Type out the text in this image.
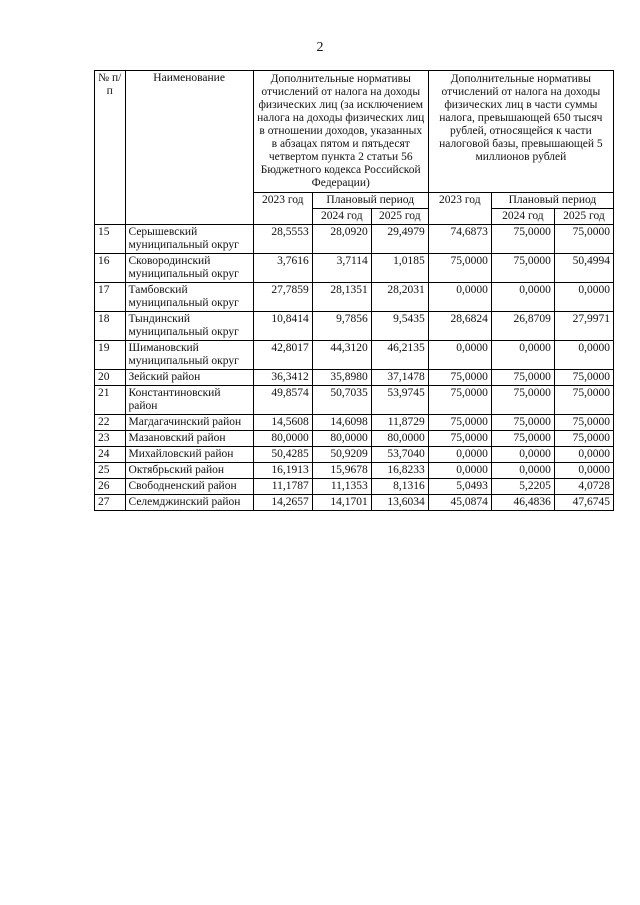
2
№ п/п	Наименование	Дополнительные нормативы отчислений от налога на доходы физических лиц (за исключением налога на доходы физических лиц в отношении доходов, указанных в абзацах пятом и пятьдесят четвертом пункта 2 статьи 56 Бюджетного кодекса Российской Федерации)			Дополнительные нормативы отчислений от налога на доходы физических лиц в части суммы налога, превышающей 650 тысяч рублей, относящейся к части налоговой базы, превышающей 5 миллионов рублей		
		2023 год	Плановый период		2023 год	Плановый период	
			2024 год	2025 год		2024 год	2025 год
15	Серышевский муниципальный округ	28,5553	28,0920	29,4979	74,6873	75,0000	75,0000
16	Сковородинский муниципальный округ	3,7616	3,7114	1,0185	75,0000	75,0000	50,4994
17	Тамбовский муниципальный округ	27,7859	28,1351	28,2031	0,0000	0,0000	0,0000
18	Тындинский муниципальный округ	10,8414	9,7856	9,5435	28,6824	26,8709	27,9971
19	Шимановский муниципальный округ	42,8017	44,3120	46,2135	0,0000	0,0000	0,0000
20	Зейский район	36,3412	35,8980	37,1478	75,0000	75,0000	75,0000
21	Константиновский район	49,8574	50,7035	53,9745	75,0000	75,0000	75,0000
22	Магдагачинский район	14,5608	14,6098	11,8729	75,0000	75,0000	75,0000
23	Мазановский район	80,0000	80,0000	80,0000	75,0000	75,0000	75,0000
24	Михайловский район	50,4285	50,9209	53,7040	0,0000	0,0000	0,0000
25	Октябрьский район	16,1913	15,9678	16,8233	0,0000	0,0000	0,0000
26	Свободненский район	11,1787	11,1353	8,1316	5,0493	5,2205	4,0728
27	Селемджинский район	14,2657	14,1701	13,6034	45,0874	46,4836	47,6745
